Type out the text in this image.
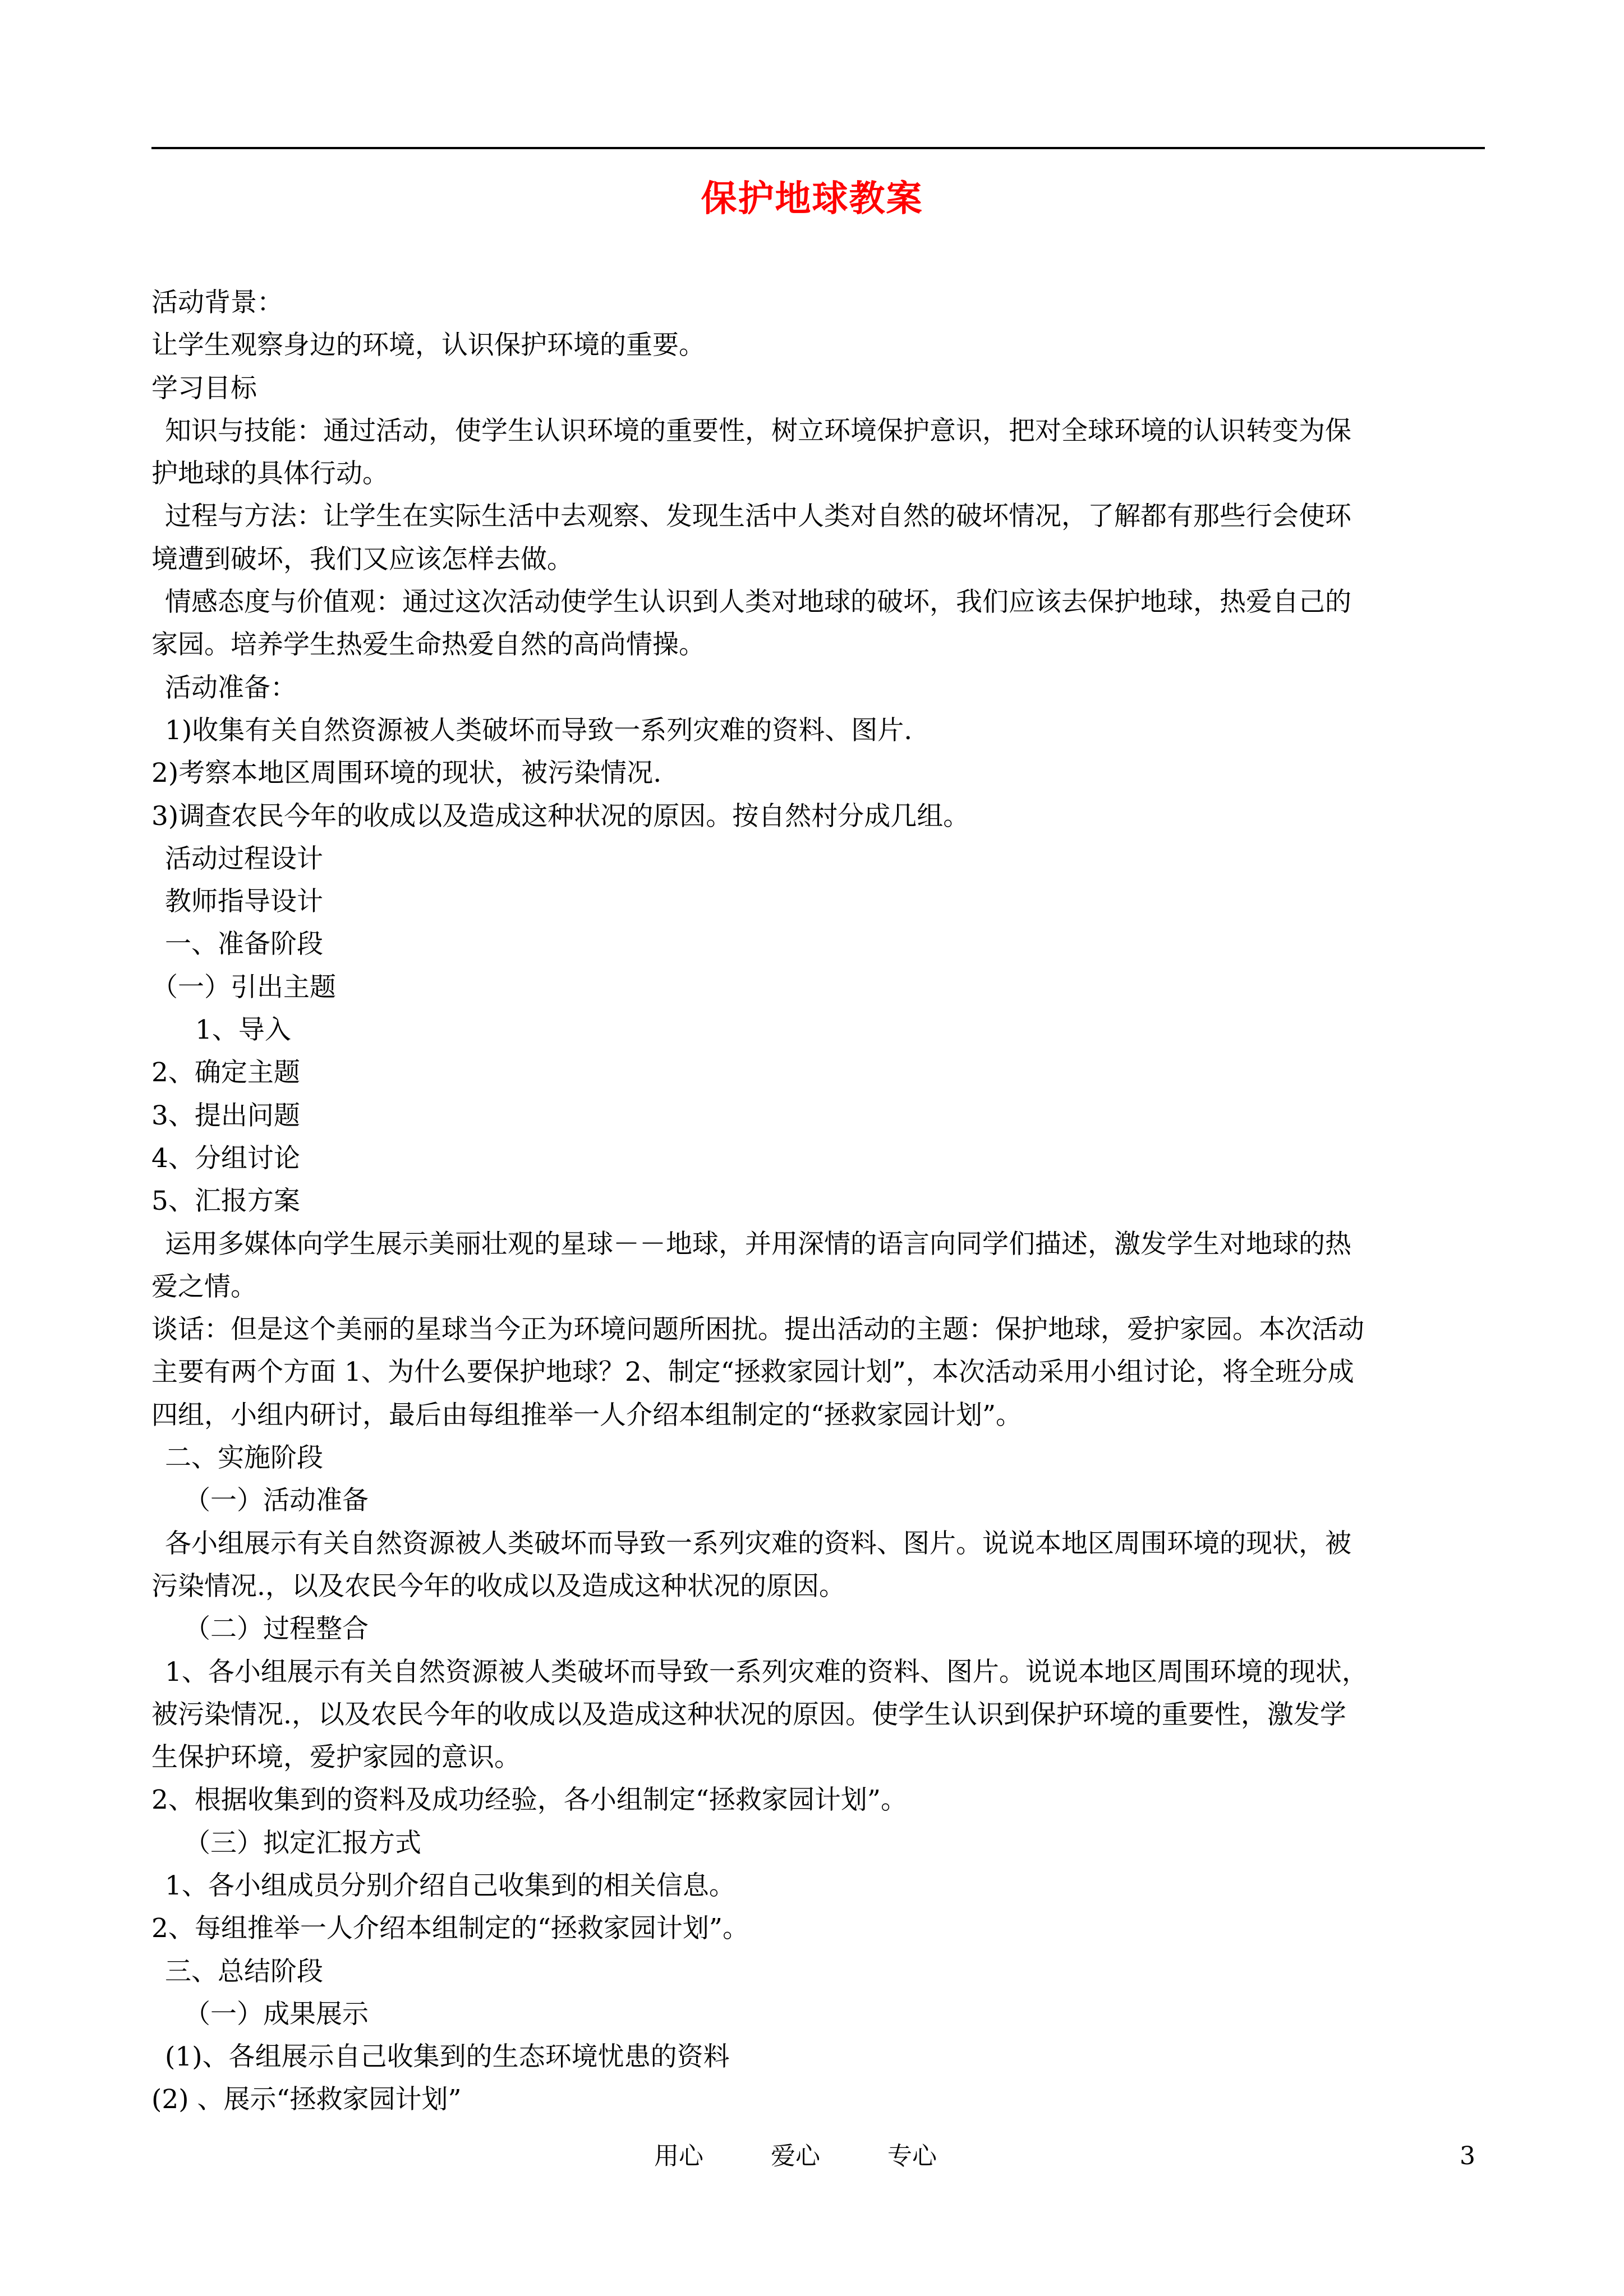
保护地球教案
活动背景：
让学生观察身边的环境，认识保护环境的重要。
学习目标
知识与技能：通过活动，使学生认识环境的重要性，树立环境保护意识，把对全球环境的认识转变为保
护地球的具体行动。
过程与方法：让学生在实际生活中去观察、发现生活中人类对自然的破坏情况，了解都有那些行会使环
境遭到破坏，我们又应该怎样去做。
情感态度与价值观：通过这次活动使学生认识到人类对地球的破坏，我们应该去保护地球，热爱自己的
家园。培养学生热爱生命热爱自然的高尚情操。
活动准备：
1)收集有关自然资源被人类破坏而导致一系列灾难的资料、图片.
2)考察本地区周围环境的现状，被污染情况.
3)调查农民今年的收成以及造成这种状况的原因。按自然村分成几组。
活动过程设计
教师指导设计
一、准备阶段
（一）引出主题
1、导入
2、确定主题
3、提出问题
4、分组讨论
5、汇报方案
运用多媒体向学生展示美丽壮观的星球－－地球，并用深情的语言向同学们描述，激发学生对地球的热
爱之情。
谈话：但是这个美丽的星球当今正为环境问题所困扰。提出活动的主题：保护地球，爱护家园。本次活动
主要有两个方面 1、为什么要保护地球？2、制定“拯救家园计划”，本次活动采用小组讨论，将全班分成
四组，小组内研讨，最后由每组推举一人介绍本组制定的“拯救家园计划”。
二、实施阶段
（一）活动准备
各小组展示有关自然资源被人类破坏而导致一系列灾难的资料、图片。说说本地区周围环境的现状，被
污染情况.，以及农民今年的收成以及造成这种状况的原因。
（二）过程整合
1、各小组展示有关自然资源被人类破坏而导致一系列灾难的资料、图片。说说本地区周围环境的现状，
被污染情况.，以及农民今年的收成以及造成这种状况的原因。使学生认识到保护环境的重要性，激发学
生保护环境，爱护家园的意识。
2、根据收集到的资料及成功经验，各小组制定“拯救家园计划”。
（三）拟定汇报方式
1、各小组成员分别介绍自己收集到的相关信息。
2、每组推举一人介绍本组制定的“拯救家园计划”。
三、总结阶段
（一）成果展示
(1)、各组展示自己收集到的生态环境忧患的资料
(2) 、展示“拯救家园计划”
用心	爱心	专心	3
